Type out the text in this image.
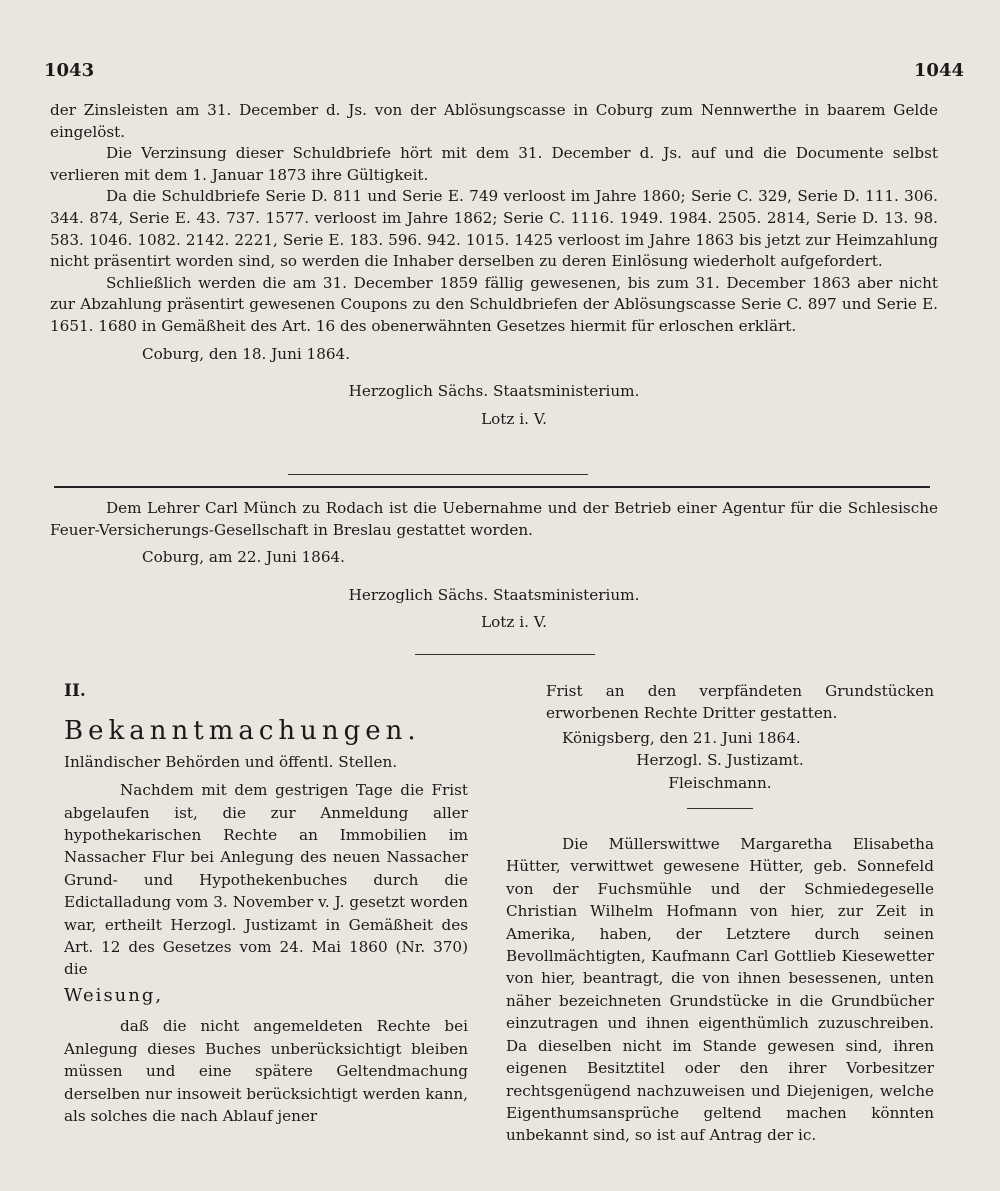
1043	1044

der Zinsleisten am 31. December d. Js. von der Ablösungscasse in Coburg zum Nennwerthe in baarem Gelde eingelöst.

Die Verzinsung dieser Schuldbriefe hört mit dem 31. December d. Js. auf und die Documente selbst verlieren mit dem 1. Januar 1873 ihre Gültigkeit.

Da die Schuldbriefe Serie D. 811 und Serie E. 749 verloost im Jahre 1860; Serie C. 329, Serie D. 111. 306. 344. 874, Serie E. 43. 737. 1577. verloost im Jahre 1862; Serie C. 1116. 1949. 1984. 2505. 2814, Serie D. 13. 98. 583. 1046. 1082. 2142. 2221, Serie E. 183. 596. 942. 1015. 1425 verloost im Jahre 1863 bis jetzt zur Heimzahlung nicht präsentirt worden sind, so werden die Inhaber derselben zu deren Einlösung wiederholt aufgefordert.

Schließlich werden die am 31. December 1859 fällig gewesenen, bis zum 31. December 1863 aber nicht zur Abzahlung präsentirt gewesenen Coupons zu den Schuldbriefen der Ablösungscasse Serie C. 897 und Serie E. 1651. 1680 in Gemäßheit des Art. 16 des obenerwähnten Gesetzes hiermit für erloschen erklärt.

Coburg, den 18. Juni 1864.

Herzoglich Sächs. Staatsministerium.

Lotz i. V.

Dem Lehrer Carl Münch zu Rodach ist die Uebernahme und der Betrieb einer Agentur für die Schlesische Feuer-Versicherungs-Gesellschaft in Breslau gestattet worden.

Coburg, am 22. Juni 1864.

Herzoglich Sächs. Staatsministerium.

Lotz i. V.

II.

Bekanntmachungen.

Inländischer Behörden und öffentl. Stellen.

Nachdem mit dem gestrigen Tage die Frist abgelaufen ist, die zur Anmeldung aller hypothekarischen Rechte an Immobilien im Nassacher Flur bei Anlegung des neuen Nassacher Grund- und Hypothekenbuches durch die Edictalladung vom 3. November v. J. gesetzt worden war, ertheilt Herzogl. Justizamt in Gemäßheit des Art. 12 des Gesetzes vom 24. Mai 1860 (Nr. 370) die

Weisung,

daß die nicht angemeldeten Rechte bei Anlegung dieses Buches unberücksichtigt bleiben müssen und eine spätere Geltendmachung derselben nur insoweit berücksichtigt werden kann, als solches die nach Ablauf jener

Frist an den verpfändeten Grundstücken erworbenen Rechte Dritter gestatten.

Königsberg, den 21. Juni 1864.

Herzogl. S. Justizamt.

Fleischmann.

Die Müllerswittwe Margaretha Elisabetha Hütter, verwittwet gewesene Hütter, geb. Sonnefeld von der Fuchsmühle und der Schmiedegeselle Christian Wilhelm Hofmann von hier, zur Zeit in Amerika, haben, der Letztere durch seinen Bevollmächtigten, Kaufmann Carl Gottlieb Kiesewetter von hier, beantragt, die von ihnen besessenen, unten näher bezeichneten Grundstücke in die Grundbücher einzutragen und ihnen eigenthümlich zuzuschreiben. Da dieselben nicht im Stande gewesen sind, ihren eigenen Besitztitel oder den ihrer Vorbesitzer rechtsgenügend nachzuweisen und Diejenigen, welche Eigenthumsansprüche geltend machen könnten unbekannt sind, so ist auf Antrag der ic.
